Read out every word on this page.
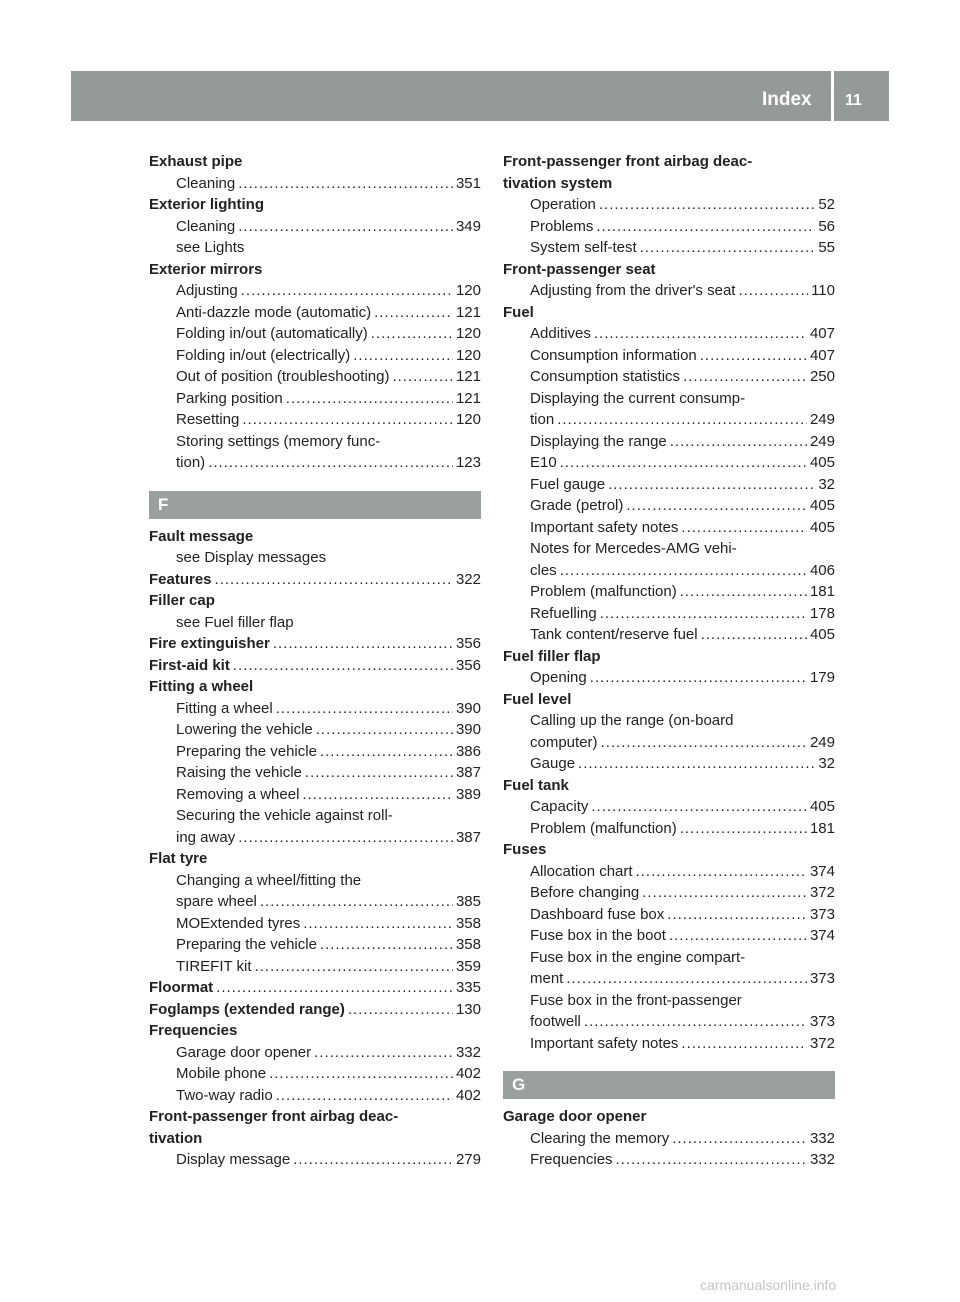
Index 11
Exhaust pipe
Cleaning .....	351
Exterior lighting
Cleaning .....	349
see Lights
Exterior mirrors
Adjusting .....	120
Anti-dazzle mode (automatic) .....	121
Folding in/out (automatically) .....	120
Folding in/out (electrically) .....	120
Out of position (troubleshooting) .....	121
Parking position .....	121
Resetting .....	120
Storing settings (memory func-
tion) .....	123
F
Fault message
see Display messages
Features .....	322
Filler cap
see Fuel filler flap
Fire extinguisher .....	356
First-aid kit .....	356
Fitting a wheel
Fitting a wheel .....	390
Lowering the vehicle .....	390
Preparing the vehicle .....	386
Raising the vehicle .....	387
Removing a wheel .....	389
Securing the vehicle against roll-
ing away .....	387
Flat tyre
Changing a wheel/fitting the
spare wheel .....	385
MOExtended tyres .....	358
Preparing the vehicle .....	358
TIREFIT kit .....	359
Floormat .....	335
Foglamps (extended range) .....	130
Frequencies
Garage door opener .....	332
Mobile phone .....	402
Two-way radio .....	402
Front-passenger front airbag deac-
tivation
Display message .....	279
Front-passenger front airbag deac-
tivation system
Operation .....	52
Problems .....	56
System self-test .....	55
Front-passenger seat
Adjusting from the driver's seat .....	110
Fuel
Additives .....	407
Consumption information .....	407
Consumption statistics .....	250
Displaying the current consump-
tion .....	249
Displaying the range .....	249
E10 .....	405
Fuel gauge .....	32
Grade (petrol) .....	405
Important safety notes .....	405
Notes for Mercedes-AMG vehi-
cles .....	406
Problem (malfunction) .....	181
Refuelling .....	178
Tank content/reserve fuel .....	405
Fuel filler flap
Opening .....	179
Fuel level
Calling up the range (on-board
computer) .....	249
Gauge .....	32
Fuel tank
Capacity .....	405
Problem (malfunction) .....	181
Fuses
Allocation chart .....	374
Before changing .....	372
Dashboard fuse box .....	373
Fuse box in the boot .....	374
Fuse box in the engine compart-
ment .....	373
Fuse box in the front-passenger
footwell .....	373
Important safety notes .....	372
G
Garage door opener
Clearing the memory .....	332
Frequencies .....	332
carmanualsonline.info
